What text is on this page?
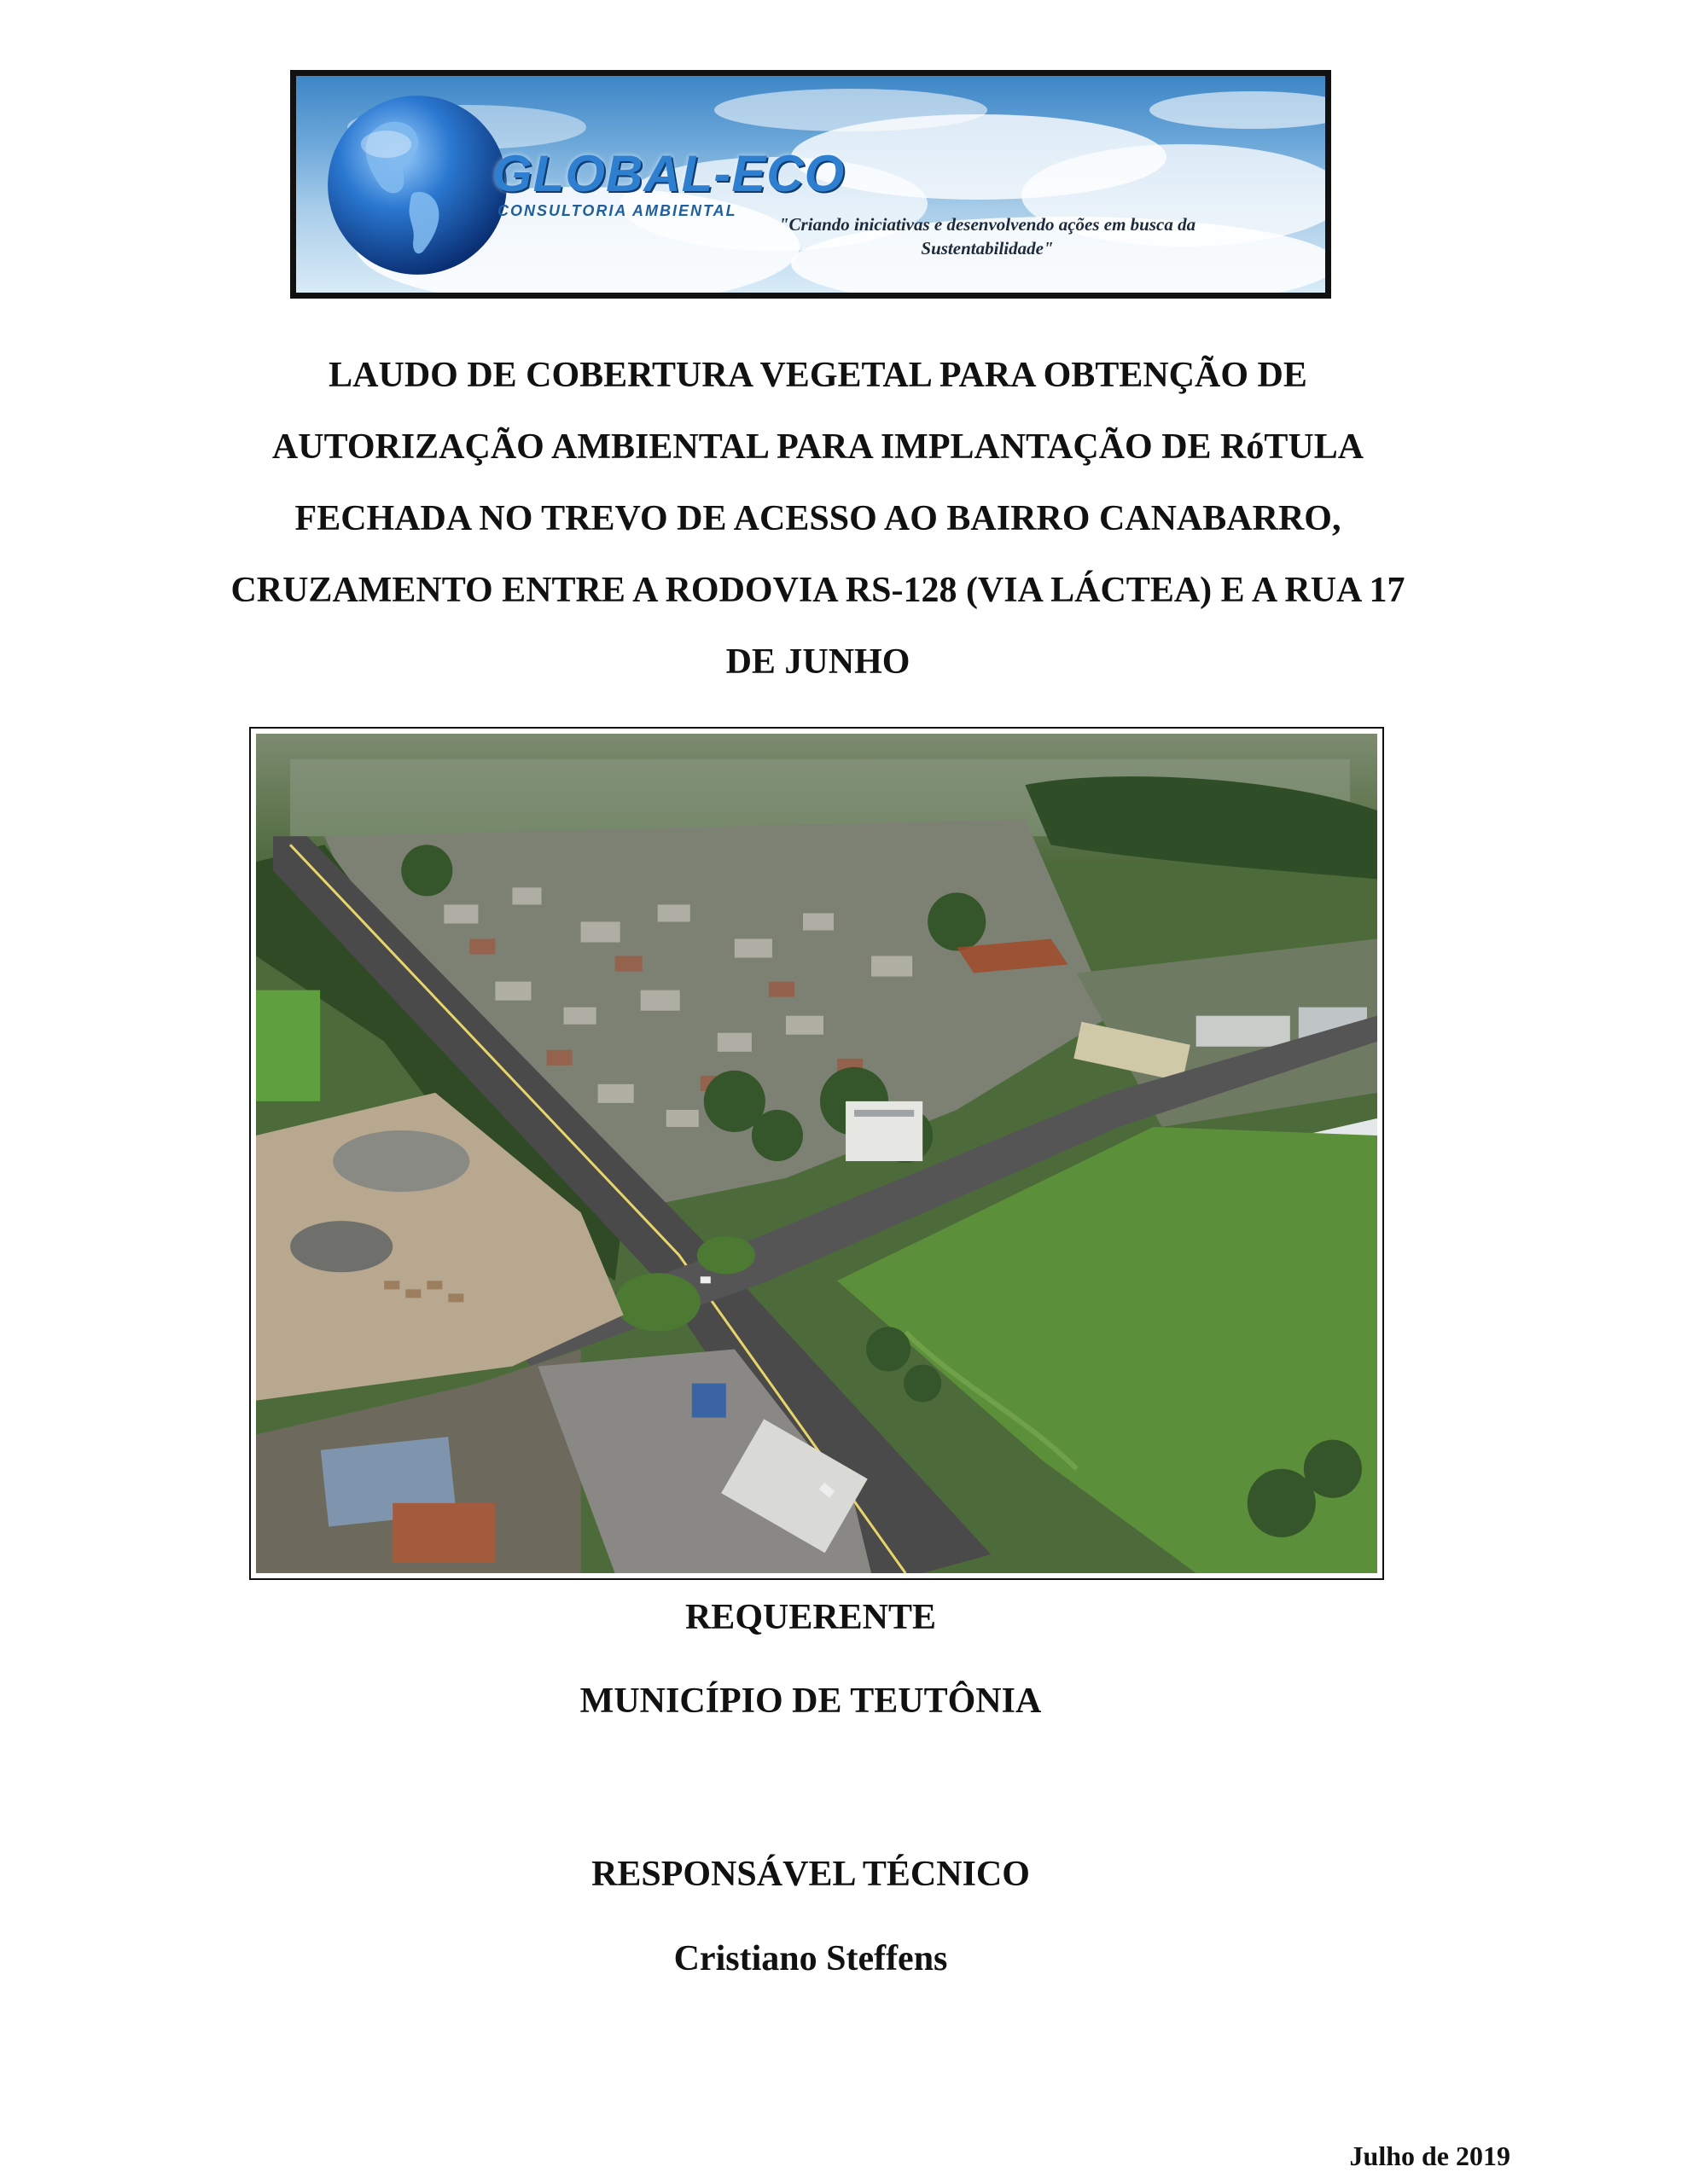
GLOBAL-ECO
CONSULTORIA AMBIENTAL
"Criando iniciativas e desenvolvendo ações em busca da
Sustentabilidade"
LAUDO DE COBERTURA VEGETAL PARA OBTENÇÃO DE
AUTORIZAÇÃO AMBIENTAL PARA IMPLANTAÇÃO DE RóTULA
FECHADA NO TREVO DE ACESSO AO BAIRRO CANABARRO,
CRUZAMENTO ENTRE A RODOVIA RS-128 (VIA LÁCTEA) E A RUA 17
DE JUNHO

REQUERENTE

MUNICÍPIO DE TEUTÔNIA

RESPONSÁVEL TÉCNICO

Cristiano Steffens

Julho de 2019
